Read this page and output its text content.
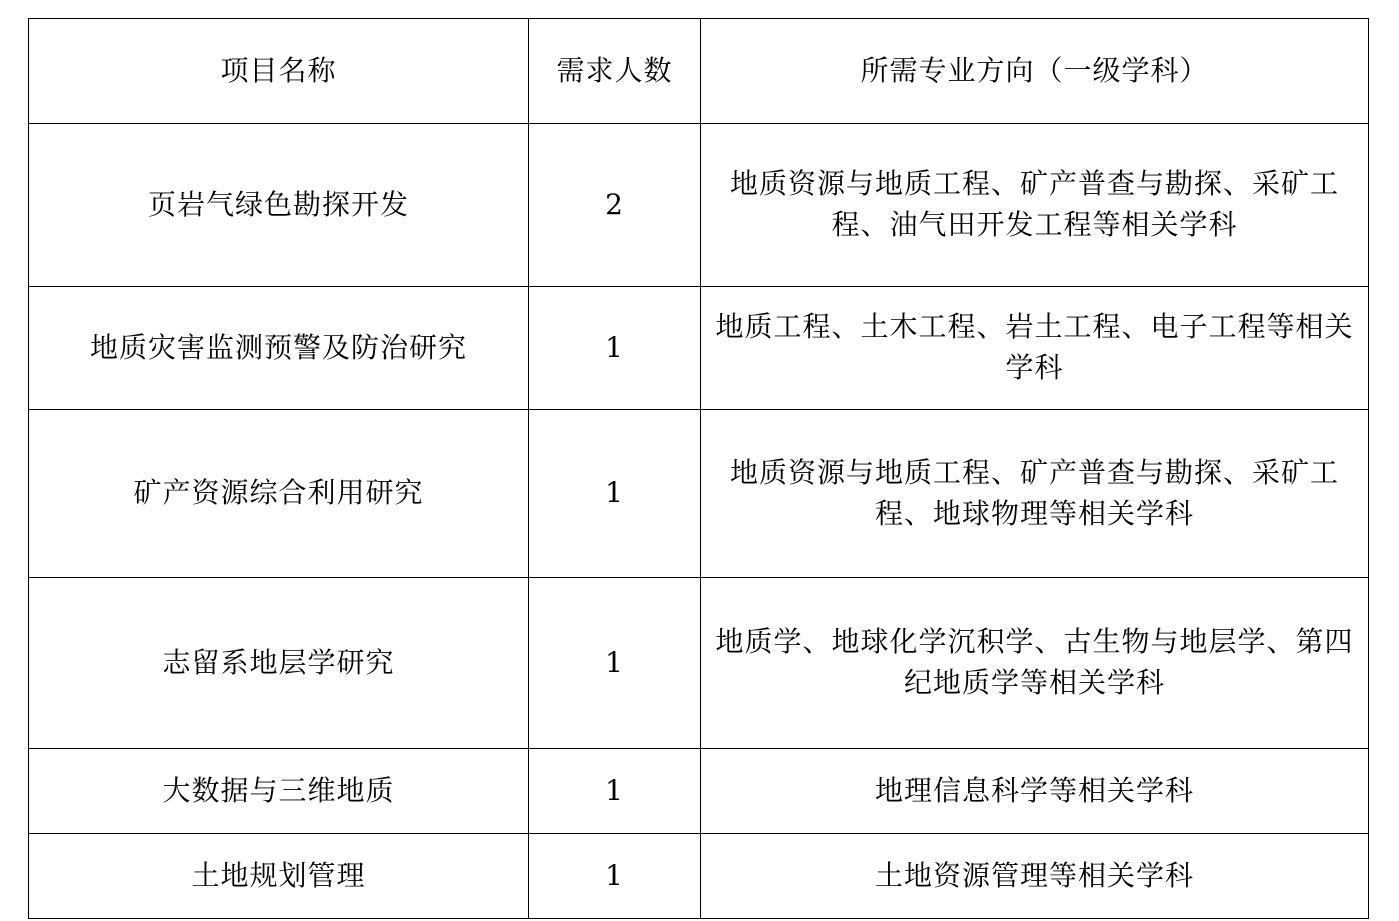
项目名称	需求人数	所需专业方向（一级学科）
页岩气绿色勘探开发	2	地质资源与地质工程、矿产普查与勘探、采矿工程、油气田开发工程等相关学科
地质灾害监测预警及防治研究	1	地质工程、土木工程、岩土工程、电子工程等相关学科
矿产资源综合利用研究	1	地质资源与地质工程、矿产普查与勘探、采矿工程、地球物理等相关学科
志留系地层学研究	1	地质学、地球化学沉积学、古生物与地层学、第四纪地质学等相关学科
大数据与三维地质	1	地理信息科学等相关学科
土地规划管理	1	土地资源管理等相关学科
